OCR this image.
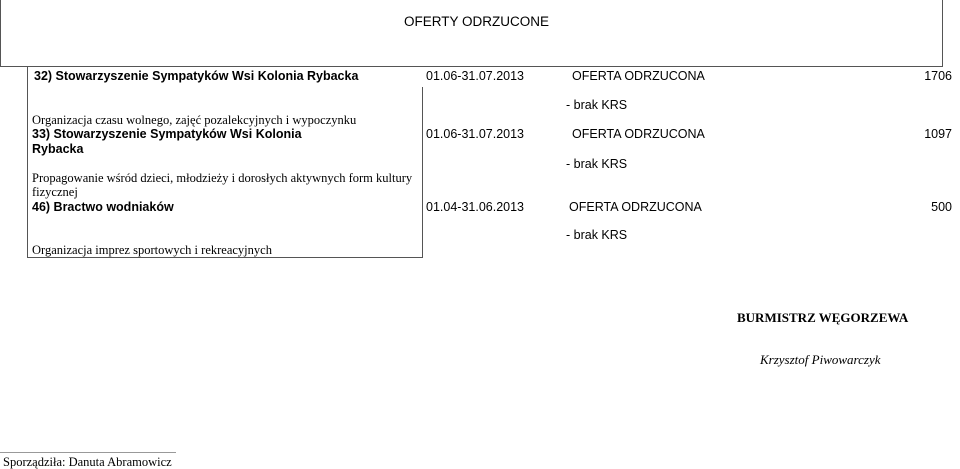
OFERTY ODRZUCONE
32) Stowarzyszenie Sympatyków Wsi Kolonia Rybacka	01.06-31.07.2013	OFERTA ODRZUCONA	1706
- brak KRS
Organizacja czasu wolnego, zajęć pozalekcyjnych i wypoczynku
33) Stowarzyszenie Sympatyków Wsi Kolonia
Rybacka
01.06-31.07.2013	OFERTA ODRZUCONA	1097
- brak KRS
Propagowanie wśród dzieci, młodzieży i dorosłych aktywnych form kultury
fizycznej
46) Bractwo wodniaków	01.04-31.06.2013	OFERTA ODRZUCONA	500
- brak KRS
Organizacja imprez sportowych i rekreacyjnych
BURMISTRZ WĘGORZEWA
Krzysztof Piwowarczyk
Sporządziła: Danuta Abramowicz
